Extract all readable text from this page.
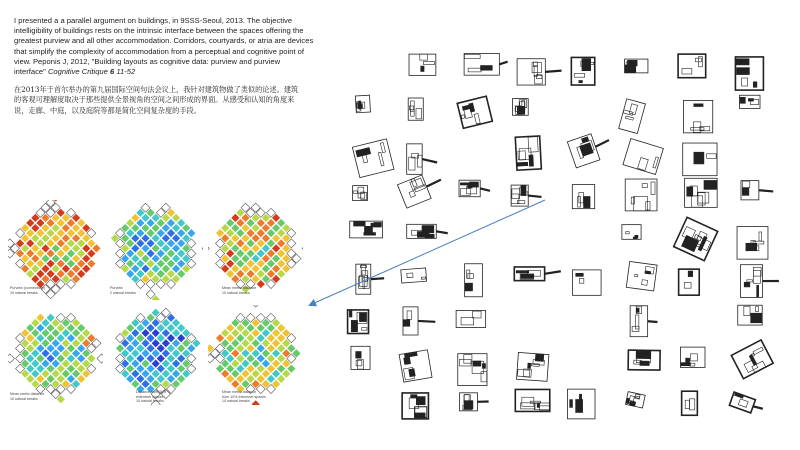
I presented a a parallel argument on buildings, in 9SSS-Seoul, 2013. The objective intelligibility of buildings rests on the intrinsic interface between the spaces offering the greatest purview and all other accommodation. Corridors, courtyards, or atria are devices that simplify the complexity of accommodation from a perceptual and cognitive point of view. Peponis J, 2012, "Building layouts as cognitive data: purview and purview interface" Cognitive Critique 6 11-52

在2013年于首尔举办的第九届国际空间句法会议上，我针对建筑物做了类似的论述。建筑的客观可理解度取决于那些提供全景视角的空间之间形成的界面。从感受和认知的角度来说，走廊、中庭，以及庭院等都是简化空间复杂度的手段。

Purview (connectivity)
10 natural breaks
Purview
2 natural breaks
Mean metric distance
10 natural breaks
Mean metric distance
10 natural breaks
Distance from 10%
extensive spaces
10 natural breaks
Mean metric distance
from 10% extensive spaces
10 natural breaks
